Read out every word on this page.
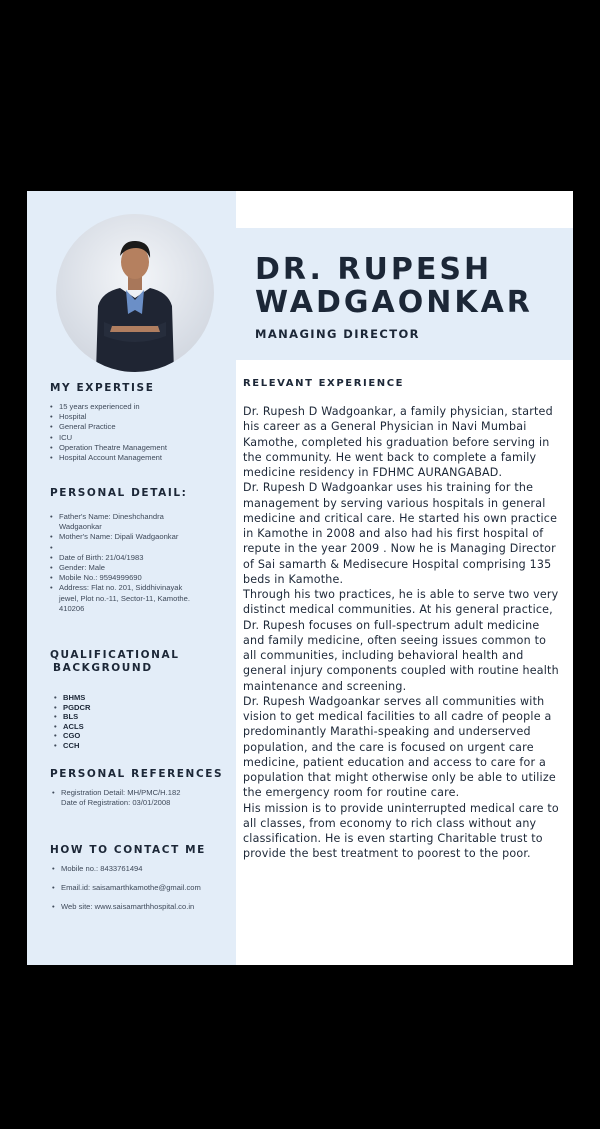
DR. RUPESH
WADGAONKAR
MANAGING DIRECTOR
MY EXPERTISE
• 15 years experienced in
• Hospital
• General Practice
• ICU
• Operation Theatre Management
• Hospital Account Management
PERSONAL DETAIL:
• Father's Name: Dineshchandra Wadgaonkar
• Mother's Name: Dipali Wadgaonkar
•
• Date of Birth: 21/04/1983
• Gender: Male
• Mobile No.: 9594999690
• Address: Flat no. 201, Siddhivinayak jewel, Plot no.-11, Sector-11, Kamothe. 410206
QUALIFICATIONAL
BACKGROUND
• BHMS
• PGDCR
• BLS
• ACLS
• CGO
• CCH
PERSONAL REFERENCES
• Registration Detail: MH/PMC/H.182
Date of Registration: 03/01/2008
HOW TO CONTACT ME
• Mobile no.: 8433761494
• Email.id: saisamarthkamothe@gmail.com
• Web site: www.saisamarthhospital.co.in
RELEVANT EXPERIENCE

Dr. Rupesh D Wadgoankar, a family physician, started his career as a General Physician in Navi Mumbai Kamothe, completed his graduation before serving in the community. He went back to complete a family medicine residency in FDHMC AURANGABAD.

Dr. Rupesh D Wadgoankar uses his training for the management by serving various hospitals in general medicine and critical care. He started his own practice in Kamothe in 2008 and also had his first hospital of repute in the year 2009 . Now he is Managing Director of Sai samarth & Medisecure Hospital comprising 135 beds in Kamothe.

Through his two practices, he is able to serve two very distinct medical communities. At his general practice, Dr. Rupesh focuses on full-spectrum adult medicine and family medicine, often seeing issues common to all communities, including behavioral health and general injury components coupled with routine health maintenance and screening.

Dr. Rupesh Wadgoankar serves all communities with vision to get medical facilities to all cadre of people a predominantly Marathi-speaking and underserved population, and the care is focused on urgent care medicine, patient education and access to care for a population that might otherwise only be able to utilize the emergency room for routine care.

His mission is to provide uninterrupted medical care to all classes, from economy to rich class without any classification. He is even starting Charitable trust to provide the best treatment to poorest to the poor.
